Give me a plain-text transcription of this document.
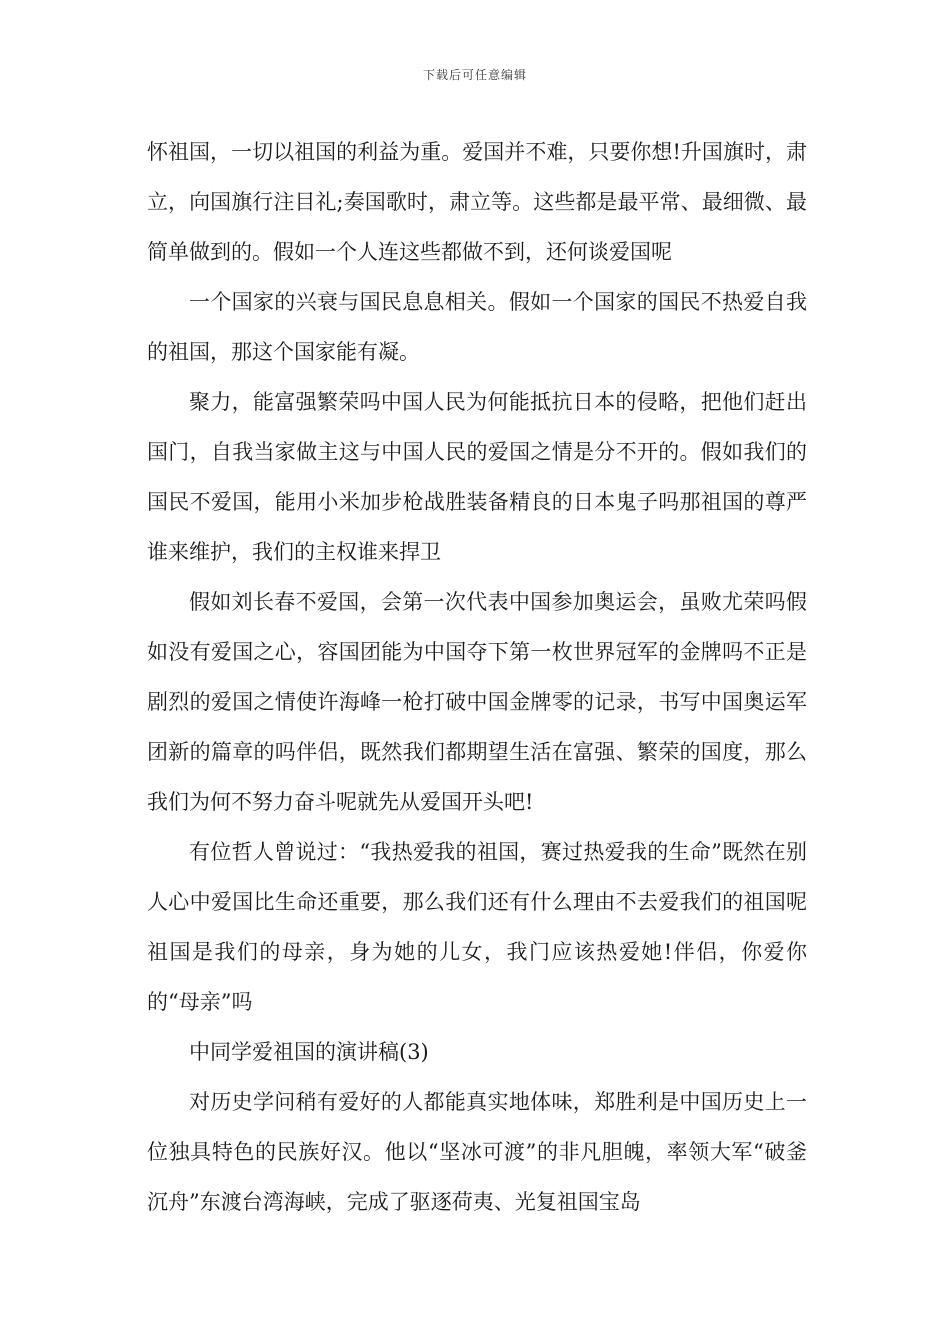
下载后可任意编辑

怀祖国，一切以祖国的利益为重。爱国并不难，只要你想!升国旗时，肃立，向国旗行注目礼;奏国歌时，肃立等。这些都是最平常、最细微、最简单做到的。假如一个人连这些都做不到，还何谈爱国呢

一个国家的兴衰与国民息息相关。假如一个国家的国民不热爱自我的祖国，那这个国家能有凝。

聚力，能富强繁荣吗中国人民为何能抵抗日本的侵略，把他们赶出国门，自我当家做主这与中国人民的爱国之情是分不开的。假如我们的国民不爱国，能用小米加步枪战胜装备精良的日本鬼子吗那祖国的尊严谁来维护，我们的主权谁来捍卫

假如刘长春不爱国，会第一次代表中国参加奥运会，虽败尤荣吗假如没有爱国之心，容国团能为中国夺下第一枚世界冠军的金牌吗不正是剧烈的爱国之情使许海峰一枪打破中国金牌零的记录，书写中国奥运军团新的篇章的吗伴侣，既然我们都期望生活在富强、繁荣的国度，那么我们为何不努力奋斗呢就先从爱国开头吧!

有位哲人曾说过：“我热爱我的祖国，赛过热爱我的生命”既然在别人心中爱国比生命还重要，那么我们还有什么理由不去爱我们的祖国呢祖国是我们的母亲，身为她的儿女，我门应该热爱她!伴侣，你爱你的“母亲”吗

中同学爱祖国的演讲稿(3)

对历史学问稍有爱好的人都能真实地体味，郑胜利是中国历史上一位独具特色的民族好汉。他以“坚冰可渡”的非凡胆魄，率领大军“破釜沉舟”东渡台湾海峡，完成了驱逐荷夷、光复祖国宝岛
